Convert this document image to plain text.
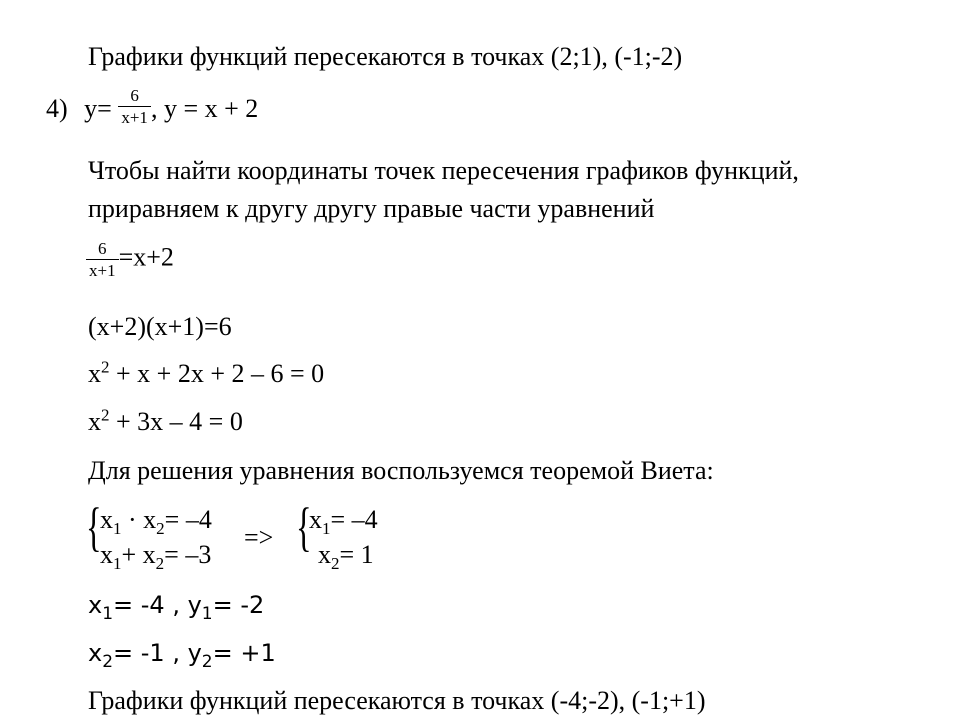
Графики функций пересекаются в точках (2;1), (-1;-2)
4) $y= \frac{6}{x+1}$ , y = x + 2
Чтобы найти координаты точек пересечения графиков функций,
приравняем к другу другу правые части уравнений
$\frac{6}{x+1} =x+2$
(x+2)(x+1)=6
$x^2 + x + 2x + 2 - 6 = 0$
$x^2 + 3x - 4 = 0$
Для решения уравнения воспользуемся теоремой Виета:
{
$x_1 \cdot x_2= -4$
$x_1+ x_2= -3$
=> {
$x_1= -4$
$x_2= 1$
$x_1= -4$ , $y_1= -2$
$x_2= -1$ , $y_2= +1$
Графики функций пересекаются в точках (-4;-2), (-1;+1)
